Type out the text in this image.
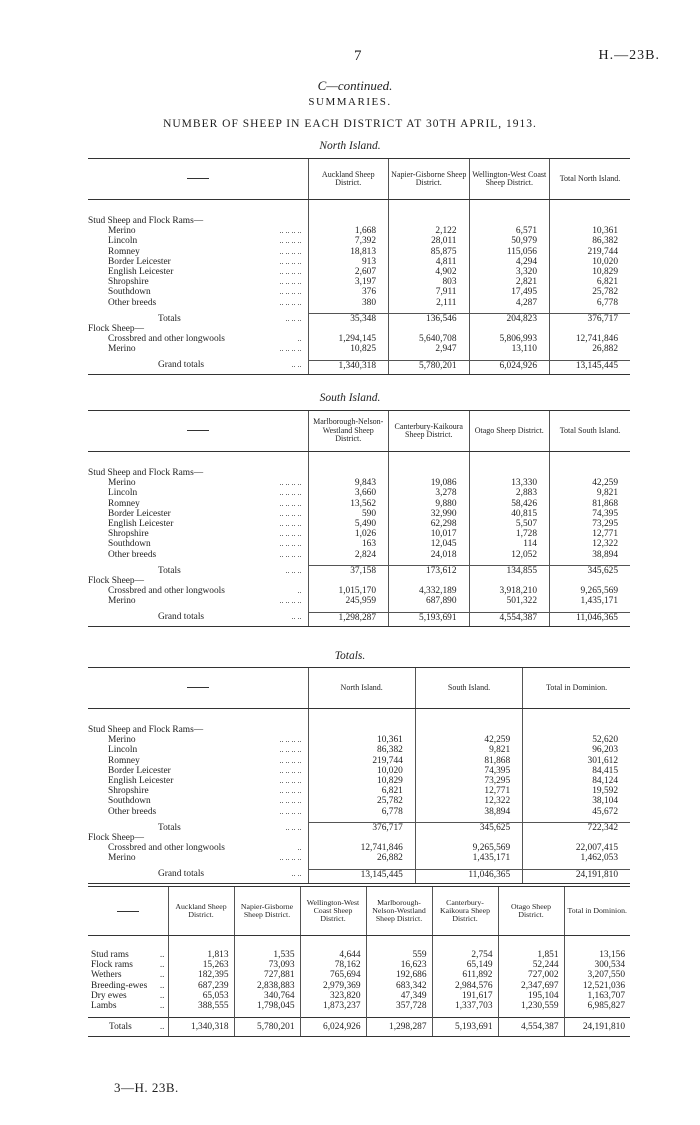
7	H.—23B.
C—continued.
SUMMARIES.
NUMBER OF SHEEP IN EACH DISTRICT AT 30TH APRIL, 1913.
North Island.
		Auckland Sheep District.	Napier-Gisborne Sheep District.	Wellington-West Coast Sheep District.	Total North Island.

Stud Sheep and Flock Rams—					
Merino	.. .. .. ..	1,668	2,122	6,571	10,361
Lincoln	.. .. .. ..	7,392	28,011	50,979	86,382
Romney	.. .. .. ..	18,813	85,875	115,056	219,744
Border Leicester	.. .. .. ..	913	4,811	4,294	10,020
English Leicester	.. .. .. ..	2,607	4,902	3,320	10,829
Shropshire	.. .. .. ..	3,197	803	2,821	6,821
Southdown	.. .. .. ..	376	7,911	17,495	25,782
Other breeds	.. .. .. ..	380	2,111	4,287	6,778

Totals	.. .. ..	35,348	136,546	204,823	376,717
Flock Sheep—					
Crossbred and other longwools	..	1,294,145	5,640,708	5,806,993	12,741,846
Merino	.. .. .. ..	10,825	2,947	13,110	26,882

Grand totals	.. ..	1,340,318	5,780,201	6,024,926	13,145,445
South Island.
		Marlborough-Nelson-Westland Sheep District.	Canterbury-Kaikoura Sheep District.	Otago Sheep District.	Total South Island.

Stud Sheep and Flock Rams—					
Merino	.. .. .. ..	9,843	19,086	13,330	42,259
Lincoln	.. .. .. ..	3,660	3,278	2,883	9,821
Romney	.. .. .. ..	13,562	9,880	58,426	81,868
Border Leicester	.. .. .. ..	590	32,990	40,815	74,395
English Leicester	.. .. .. ..	5,490	62,298	5,507	73,295
Shropshire	.. .. .. ..	1,026	10,017	1,728	12,771
Southdown	.. .. .. ..	163	12,045	114	12,322
Other breeds	.. .. .. ..	2,824	24,018	12,052	38,894

Totals	.. .. ..	37,158	173,612	134,855	345,625
Flock Sheep—					
Crossbred and other longwools	..	1,015,170	4,332,189	3,918,210	9,265,569
Merino	.. .. .. ..	245,959	687,890	501,322	1,435,171

Grand totals	.. ..	1,298,287	5,193,691	4,554,387	11,046,365
Totals.
		North Island.	South Island.	Total in Dominion.

Stud Sheep and Flock Rams—				
Merino	.. .. .. ..	10,361	42,259	52,620
Lincoln	.. .. .. ..	86,382	9,821	96,203
Romney	.. .. .. ..	219,744	81,868	301,612
Border Leicester	.. .. .. ..	10,020	74,395	84,415
English Leicester	.. .. .. ..	10,829	73,295	84,124
Shropshire	.. .. .. ..	6,821	12,771	19,592
Southdown	.. .. .. ..	25,782	12,322	38,104
Other breeds	.. .. .. ..	6,778	38,894	45,672

Totals	.. .. ..	376,717	345,625	722,342
Flock Sheep—				
Crossbred and other longwools	..	12,741,846	9,265,569	22,007,415
Merino	.. .. .. ..	26,882	1,435,171	1,462,053

Grand totals	.. ..	13,145,445	11,046,365	24,191,810
	Auckland Sheep District.	Napier-Gisborne Sheep District.	Wellington-West Coast Sheep District.	Marlborough-Nelson-Westland Sheep District.	Canterbury-Kaikoura Sheep District.	Otago Sheep District.	Total in Dominion.

Stud rams ..	1,813	1,535	4,644	559	2,754	1,851	13,156
Flock rams ..	15,263	73,093	78,162	16,623	65,149	52,244	300,534
Wethers ..	182,395	727,881	765,694	192,686	611,892	727,002	3,207,550
Breeding-ewes ..	687,239	2,838,883	2,979,369	683,342	2,984,576	2,347,697	12,521,036
Dry ewes ..	65,053	340,764	323,820	47,349	191,617	195,104	1,163,707
Lambs ..	388,555	1,798,045	1,873,237	357,728	1,337,703	1,230,559	6,985,827

Totals ..	1,340,318	5,780,201	6,024,926	1,298,287	5,193,691	4,554,387	24,191,810
3—H. 23B.
